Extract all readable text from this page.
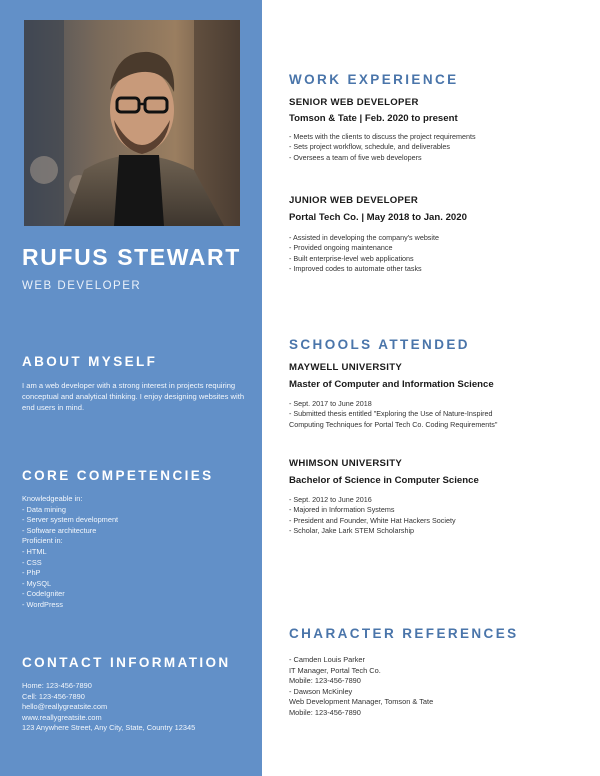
RUFUS STEWART
WEB DEVELOPER
ABOUT MYSELF
I am a web developer with a strong interest in projects requiring conceptual and analytical thinking. I enjoy designing websites with end users in mind.
CORE COMPETENCIES
Knowledgeable in:
- Data mining
- Server system development
- Software architecture
Proficient in:
- HTML
- CSS
- PhP
- MySQL
- CodeIgniter
- WordPress
CONTACT INFORMATION
Home: 123-456-7890
Cell: 123-456-7890
hello@reallygreatsite.com
www.reallygreatsite.com
123 Anywhere Street, Any City, State, Country 12345
WORK EXPERIENCE
SENIOR WEB DEVELOPER
Tomson & Tate | Feb. 2020 to present
- Meets with the clients to discuss the project requirements
- Sets project workflow, schedule, and deliverables
- Oversees a team of five web developers
JUNIOR WEB DEVELOPER
Portal Tech Co. | May 2018 to Jan. 2020
- Assisted in developing the company's website
- Provided ongoing maintenance
- Built enterprise-level web applications
- Improved codes to automate other tasks
SCHOOLS ATTENDED
MAYWELL UNIVERSITY
Master of Computer and Information Science
- Sept. 2017 to June 2018
- Submitted thesis entitled "Exploring the Use of Nature-Inspired
Computing Techniques for Portal Tech Co. Coding Requirements"
WHIMSON UNIVERSITY
Bachelor of Science in Computer Science
- Sept. 2012 to June 2016
- Majored in Information Systems
- President and Founder, White Hat Hackers Society
- Scholar, Jake Lark STEM Scholarship
CHARACTER REFERENCES
- Camden Louis Parker
IT Manager, Portal Tech Co.
Mobile: 123-456-7890
- Dawson McKinley
Web Development Manager, Tomson & Tate
Mobile: 123-456-7890
